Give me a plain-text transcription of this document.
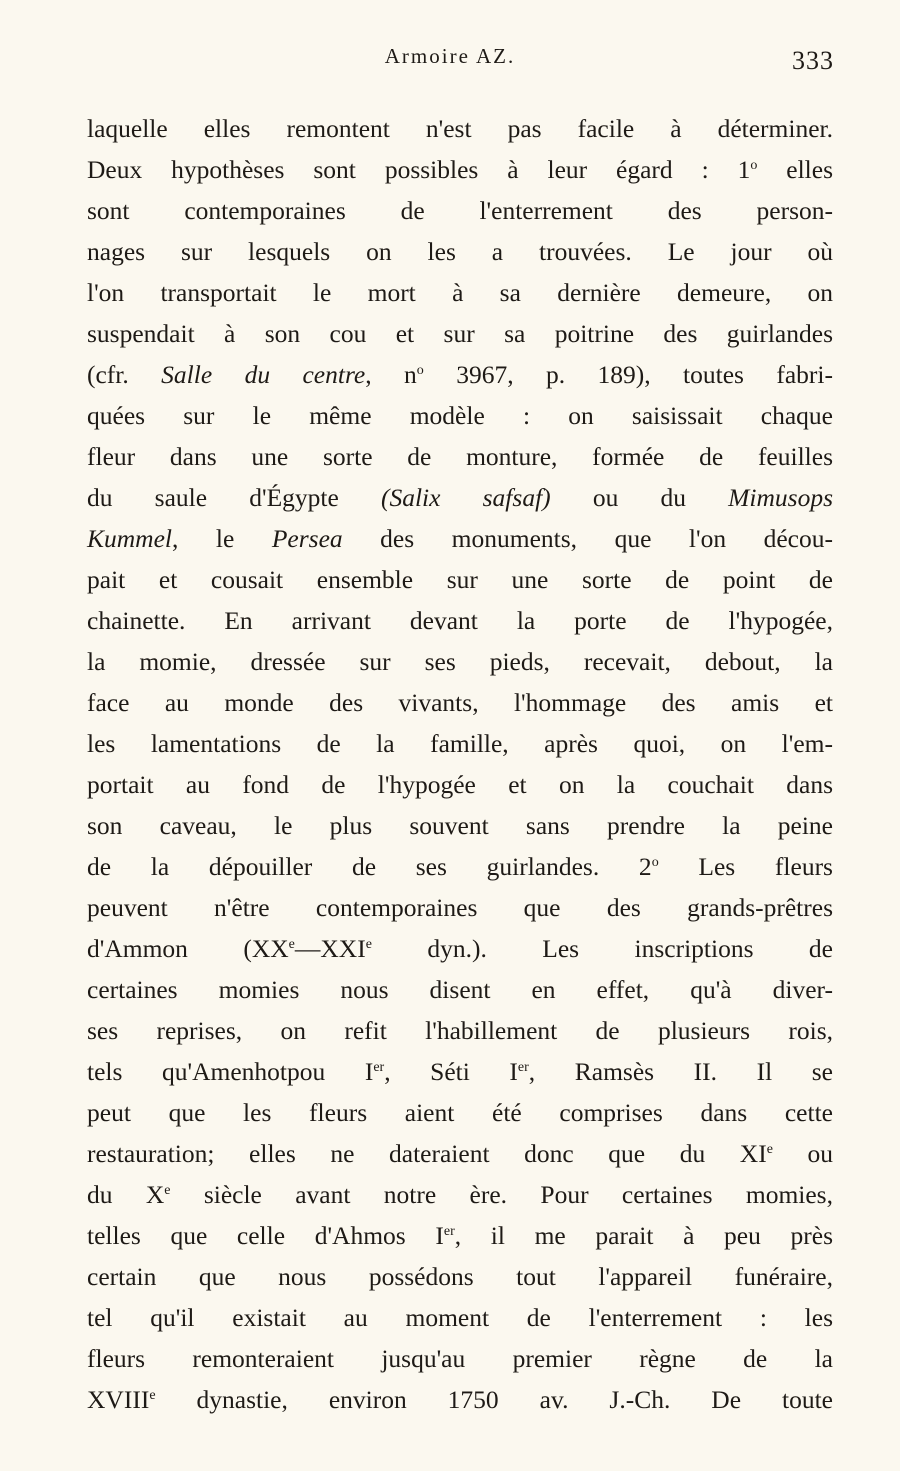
Armoire AZ.	333
laquelle elles remontent n'est pas facile à déterminer.
Deux hypothèses sont possibles à leur égard : 1$^o$ elles
sont contemporaines de l'enterrement des person-
nages sur lesquels on les a trouvées. Le jour où
l'on transportait le mort à sa dernière demeure, on
suspendait à son cou et sur sa poitrine des guirlandes
(cfr. Salle du centre, $n^o$ 3967, p. 189), toutes fabri-
quées sur le même modèle : on saisissait chaque
fleur dans une sorte de monture, formée de feuilles
du saule d'Égypte (Salix safsaf) ou du Mimusops
Kummel, le Persea des monuments, que l'on décou-
pait et cousait ensemble sur une sorte de point de
chainette. En arrivant devant la porte de l'hypogée,
la momie, dressée sur ses pieds, recevait, debout, la
face au monde des vivants, l'hommage des amis et
les lamentations de la famille, après quoi, on l'em-
portait au fond de l'hypogée et on la couchait dans
son caveau, le plus souvent sans prendre la peine
de la dépouiller de ses guirlandes. 2$^o$ Les fleurs
peuvent n'être contemporaines que des grands-prêtres
d'Ammon (XXe—XXIe dyn.). Les inscriptions de
certaines momies nous disent en effet, qu'à diver-
ses reprises, on refit l'habillement de plusieurs rois,
tels qu'Amenhotpou Ier, Séti Ier, Ramsès II. Il se
peut que les fleurs aient été comprises dans cette
restauration; elles ne dateraient donc que du XIe ou
du Xe siècle avant notre ère. Pour certaines momies,
telles que celle d'Ahmos Ier, il me parait à peu près
certain que nous possédons tout l'appareil funéraire,
tel qu'il existait au moment de l'enterrement : les
fleurs remonteraient jusqu'au premier règne de la
XVIIIe dynastie, environ 1750 av. J.-Ch. De toute
